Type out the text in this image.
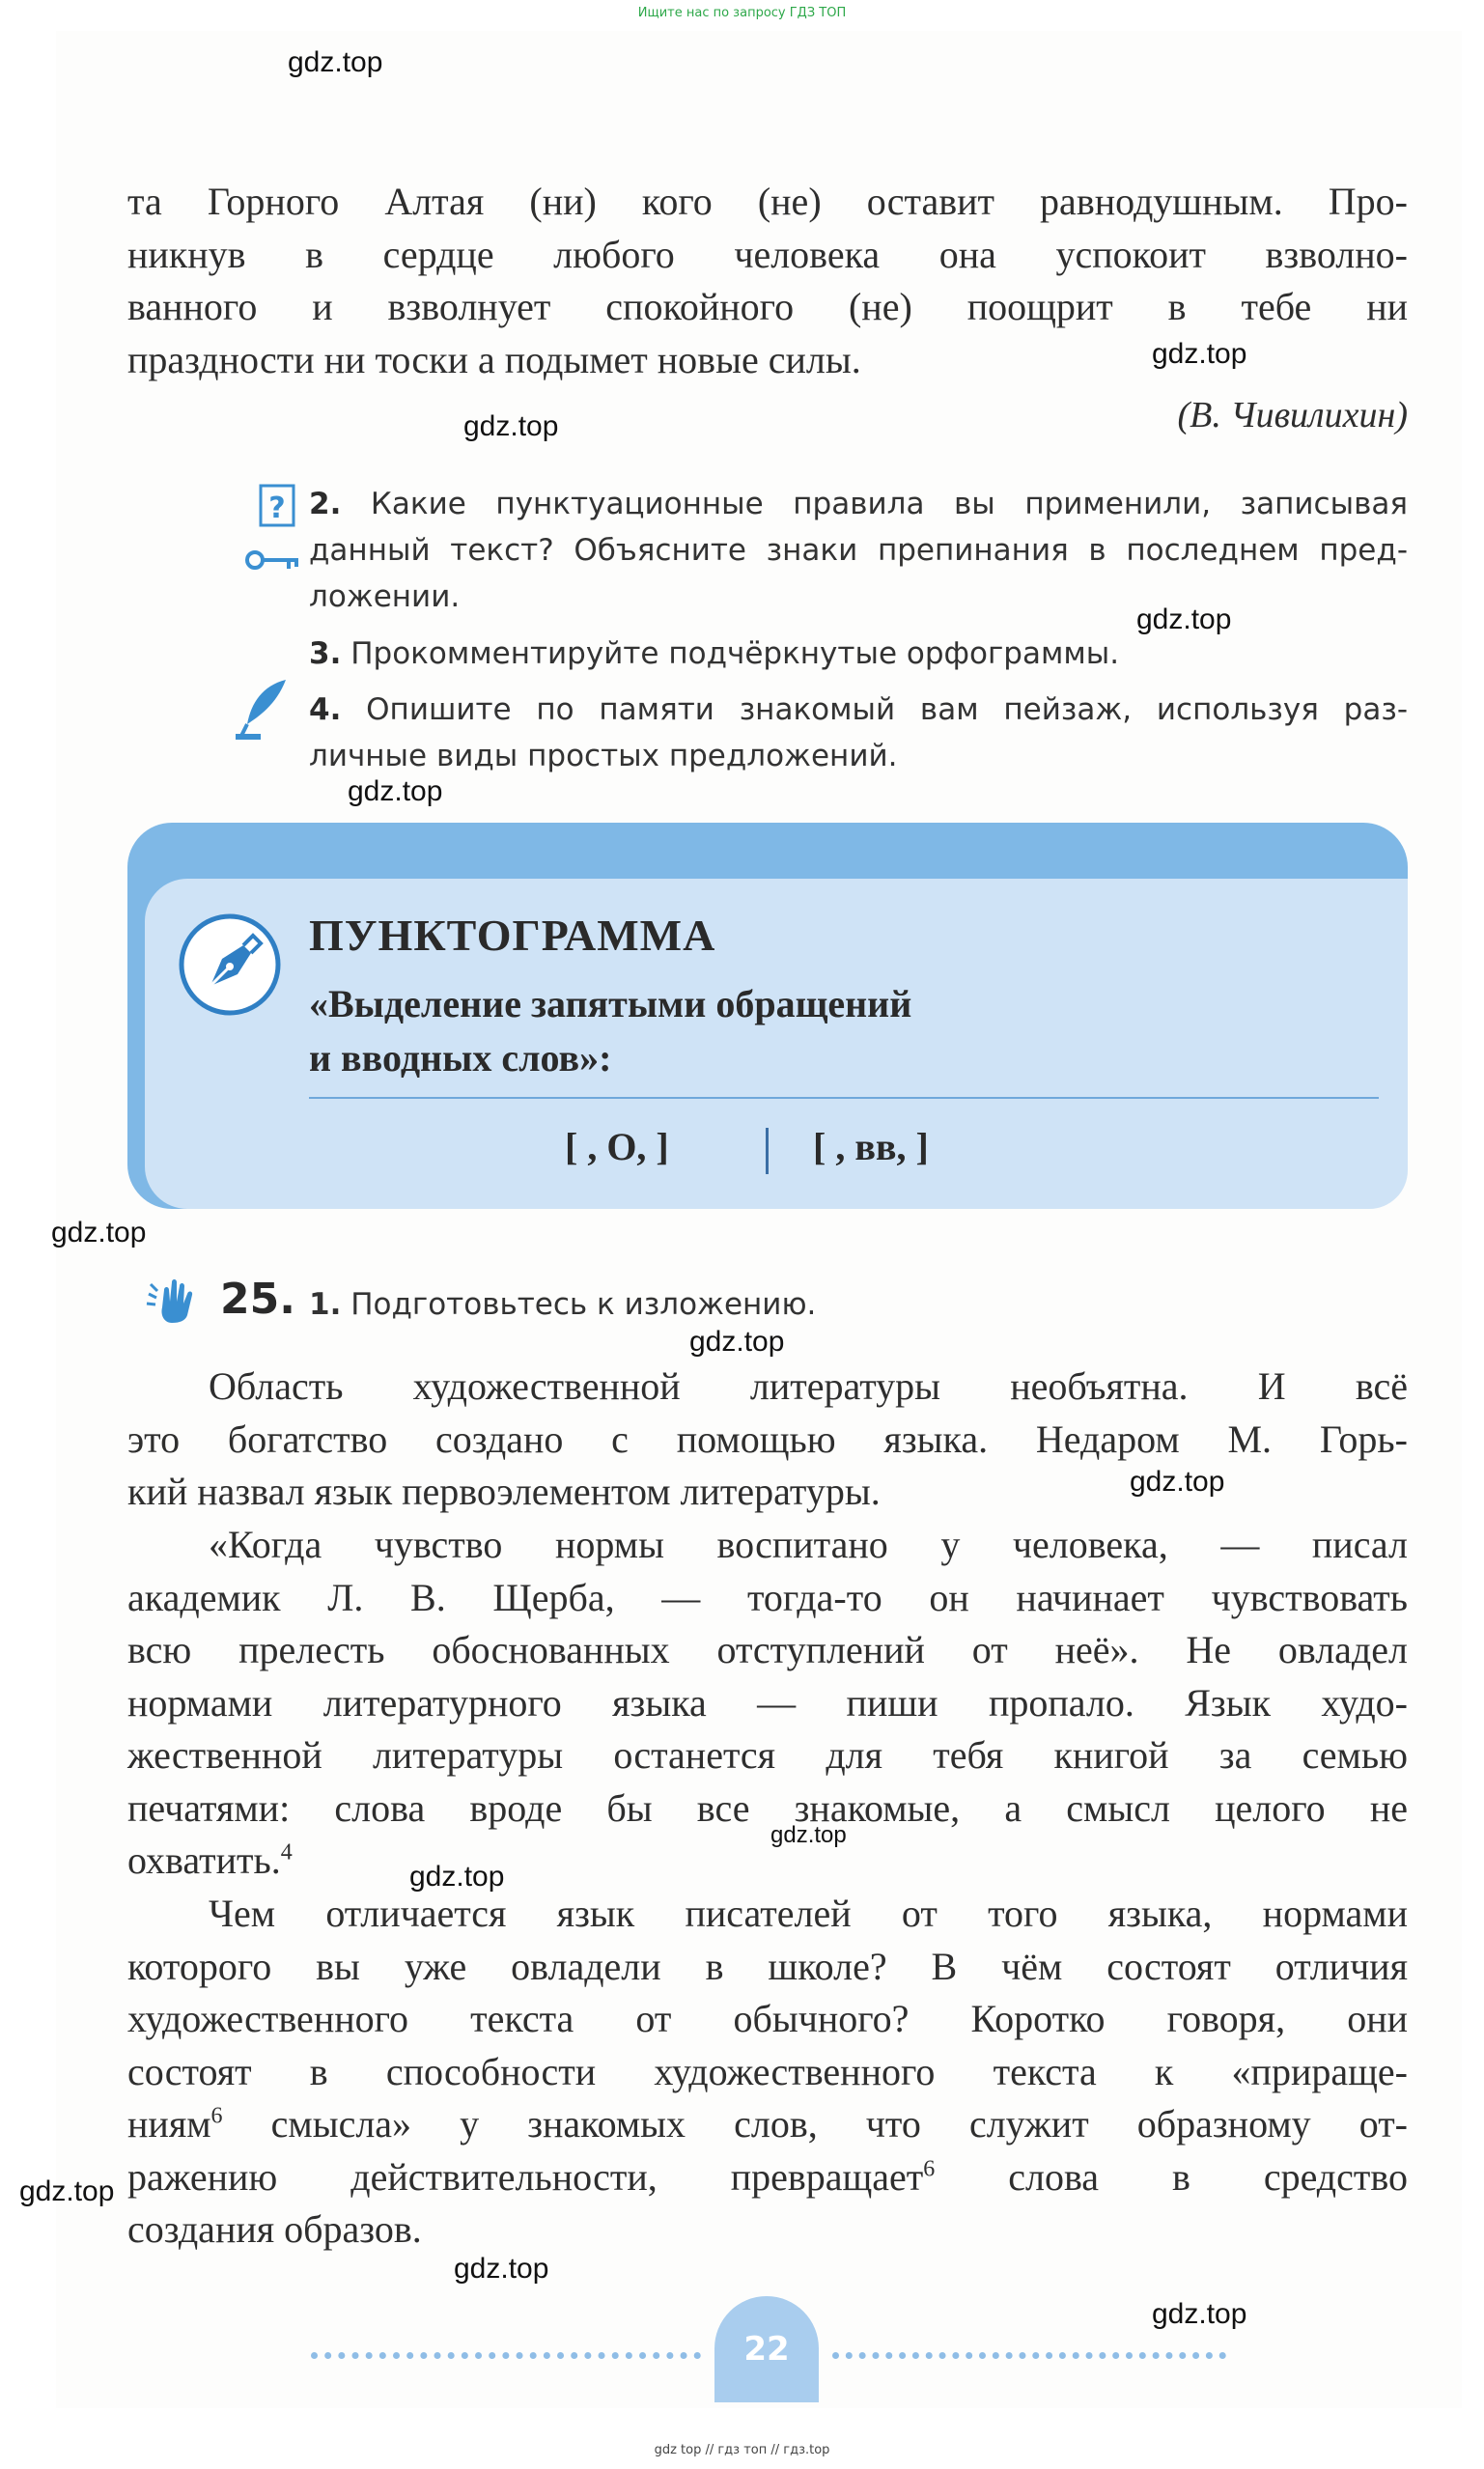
Ищите нас по запросу ГДЗ ТОП
gdz.top
gdz.top
gdz.top
gdz.top
gdz.top
gdz.top
gdz.top
gdz.top
gdz.top
gdz.top
gdz.top
gdz.top
gdz.top
та Горного Алтая (ни) кого (не) оставит равнодушным. Про-
никнув в сердце любого человека она успокоит взволно-
ванного и взволнует спокойного (не) поощрит в тебе ни
праздности ни тоски а подымет новые силы.
(В. Чивилихин)
? 2. Какие пунктуационные правила вы применили, записывая
данный текст? Объясните знаки препинания в последнем пред-
ложении.
3. Прокомментируйте подчёркнутые орфограммы.
4. Опишите по памяти знакомый вам пейзаж, используя раз-
личные виды простых предложений.
ПУНКТОГРАММА
«Выделение запятыми обращений
и вводных слов»:
[ , О, ]	[ , вв, ]
25. 1. Подготовьтесь к изложению.
Область художественной литературы необъятна. И всё
это богатство создано с помощью языка. Недаром М. Горь-
кий назвал язык первоэлементом литературы.
«Когда чувство нормы воспитано у человека, — писал
академик Л. В. Щерба, — тогда-то он начинает чувствовать
всю прелесть обоснованных отступлений от неё». Не овладел
нормами литературного языка — пиши пропало. Язык худо-
жественной литературы останется для тебя книгой за семью
печатями: слова вроде бы все знакомые, а смысл целого не
охватить.$^4$
Чем отличается язык писателей от того языка, нормами
которого вы уже овладели в школе? В чём состоят отличия
художественного текста от обычного? Коротко говоря, они
состоят в способности художественного текста к «прираще-
ниям$^6$ смысла» у знакомых слов, что служит образному от-
ражению действительности, превращает$^6$ слова в средство
создания образов.
22
gdz top // гдз топ // гдз.top
